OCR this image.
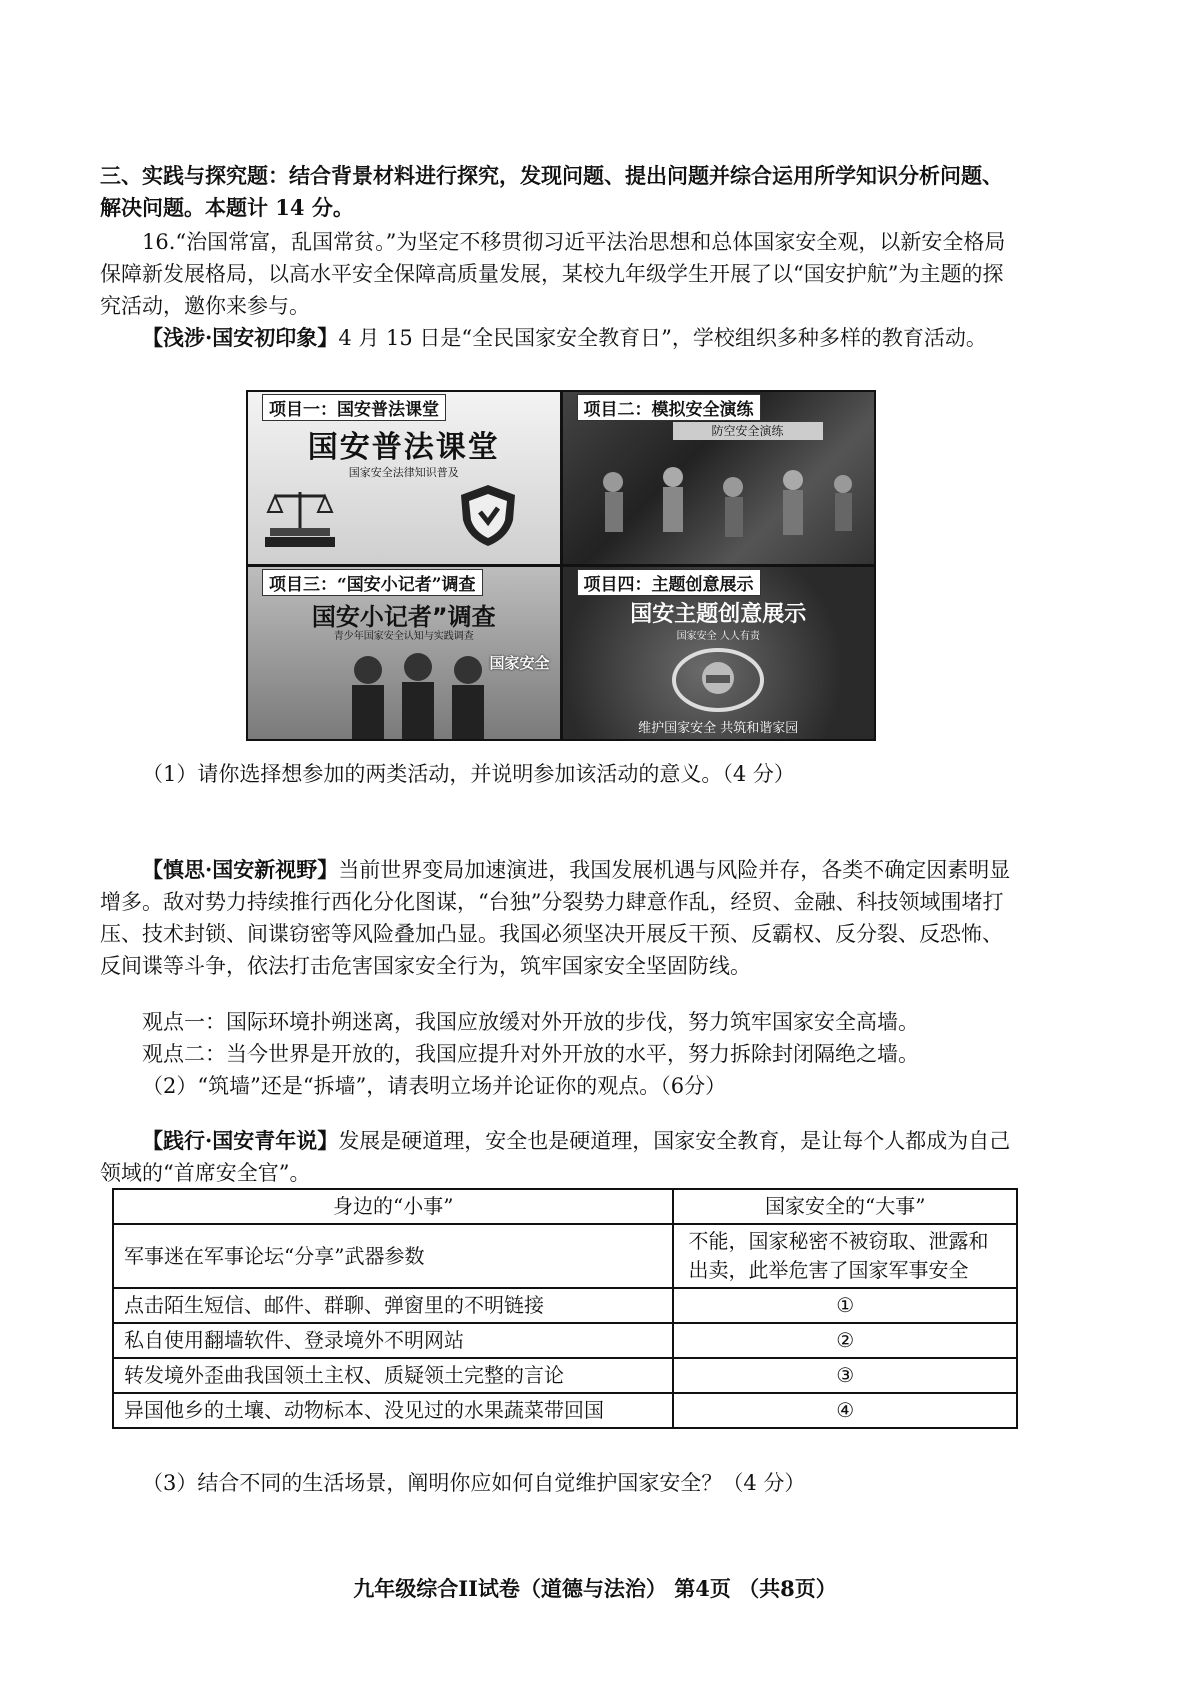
三、实践与探究题：结合背景材料进行探究，发现问题、提出问题并综合运用所学知识分析问题、解决问题。本题计 14 分。

16.“治国常富，乱国常贫。”为坚定不移贯彻习近平法治思想和总体国家安全观，以新安全格局保障新发展格局，以高水平安全保障高质量发展，某校九年级学生开展了以“国安护航”为主题的探究活动，邀你来参与。

【浅涉·国安初印象】4 月 15 日是“全民国家安全教育日”，学校组织多种多样的教育活动。

项目一：国安普法课堂
国安普法课堂
国家安全法律知识普及
项目二：模拟安全演练
防空安全演练
项目三：“国安小记者”调查
国安小记者”调查
青少年国家安全认知与实践调查
国家安全
项目四：主题创意展示
国安主题创意展示
国家安全 人人有责
维护国家安全 共筑和谐家园

（1）请你选择想参加的两类活动，并说明参加该活动的意义。（4 分）

【慎思·国安新视野】当前世界变局加速演进，我国发展机遇与风险并存，各类不确定因素明显增多。敌对势力持续推行西化分化图谋，“台独”分裂势力肆意作乱，经贸、金融、科技领域围堵打压、技术封锁、间谍窃密等风险叠加凸显。我国必须坚决开展反干预、反霸权、反分裂、反恐怖、反间谍等斗争，依法打击危害国家安全行为，筑牢国家安全坚固防线。

观点一：国际环境扑朔迷离，我国应放缓对外开放的步伐，努力筑牢国家安全高墙。

观点二：当今世界是开放的，我国应提升对外开放的水平，努力拆除封闭隔绝之墙。

（2）“筑墙”还是“拆墙”，请表明立场并论证你的观点。（6分）

【践行·国安青年说】发展是硬道理，安全也是硬道理，国家安全教育，是让每个人都成为自己领域的“首席安全官”。

身边的“小事”	国家安全的“大事”
军事迷在军事论坛“分享”武器参数	不能，国家秘密不被窃取、泄露和出卖，此举危害了国家军事安全
点击陌生短信、邮件、群聊、弹窗里的不明链接	①
私自使用翻墙软件、登录境外不明网站	②
转发境外歪曲我国领土主权、质疑领土完整的言论	③
异国他乡的土壤、动物标本、没见过的水果蔬菜带回国	④

（3）结合不同的生活场景，阐明你应如何自觉维护国家安全？（4 分）

九年级综合II试卷（道德与法治） 第4页 （共8页）
